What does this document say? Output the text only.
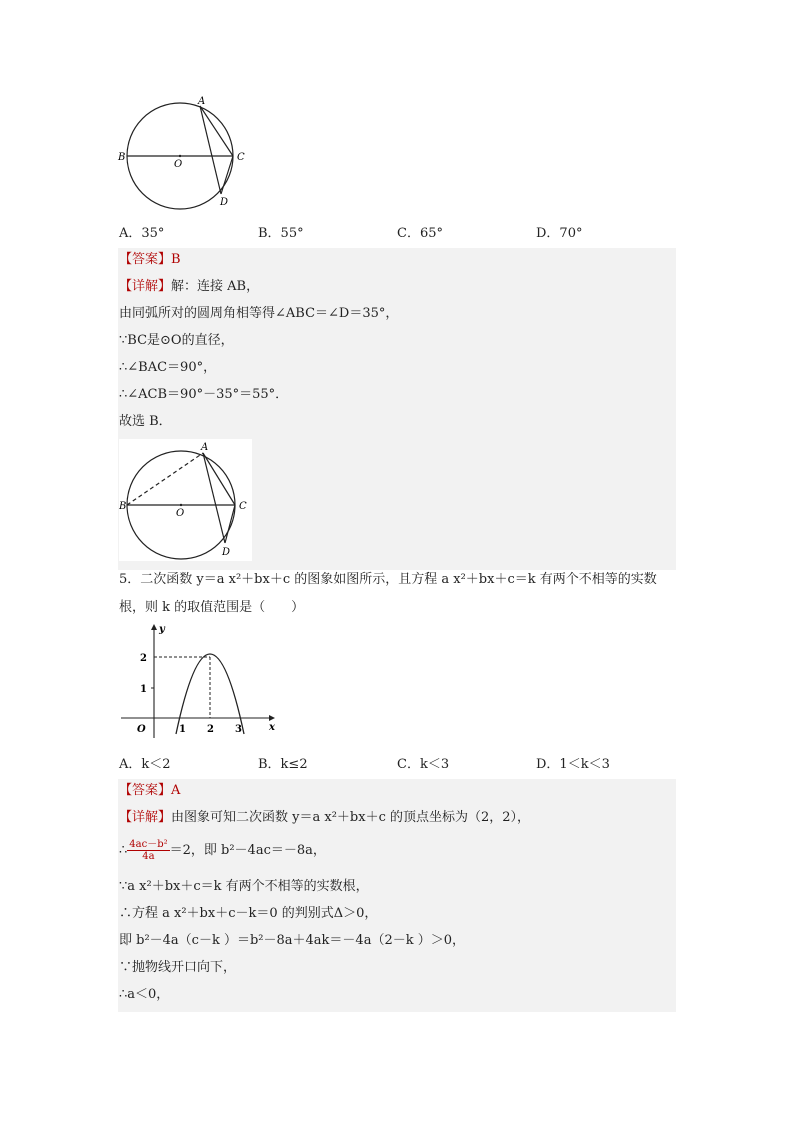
A
B	C
D
O
A．35°	B．55°	C．65°	D．70°
【答案】B
【详解】解：连接 AB，
由同弧所对的圆周角相等得∠ABC＝∠D＝35°，
∵BC是⊙O的直径，
∴∠BAC＝90°，
∴∠ACB＝90°－35°＝55°．
故选 B．
A
B	C
D
O
5．二次函数 y＝a x²＋bx＋c 的图象如图所示，且方程 a x²＋bx＋c＝k 有两个不相等的实数
根，则 k 的取值范围是（　　）
y
x
O	1 2 3
1
2
A．k＜2	B．k≤2	C．k＜3	D．1＜k＜3
【答案】A
【详解】由图象可知二次函数 y＝a x²＋bx＋c 的顶点坐标为（2，2），
∴ $\frac{\text{4ac－b²}}{4a} =2$，即 b²－4ac＝－8a，
∵a x²＋bx＋c＝k 有两个不相等的实数根，
∴方程 a x²＋bx＋c－k＝0 的判别式Δ＞0，
即 b²－4a（c－k ）＝b²－8a＋4ak＝－4a（2－k ）＞0，
∵抛物线开口向下，
∴a＜0，
